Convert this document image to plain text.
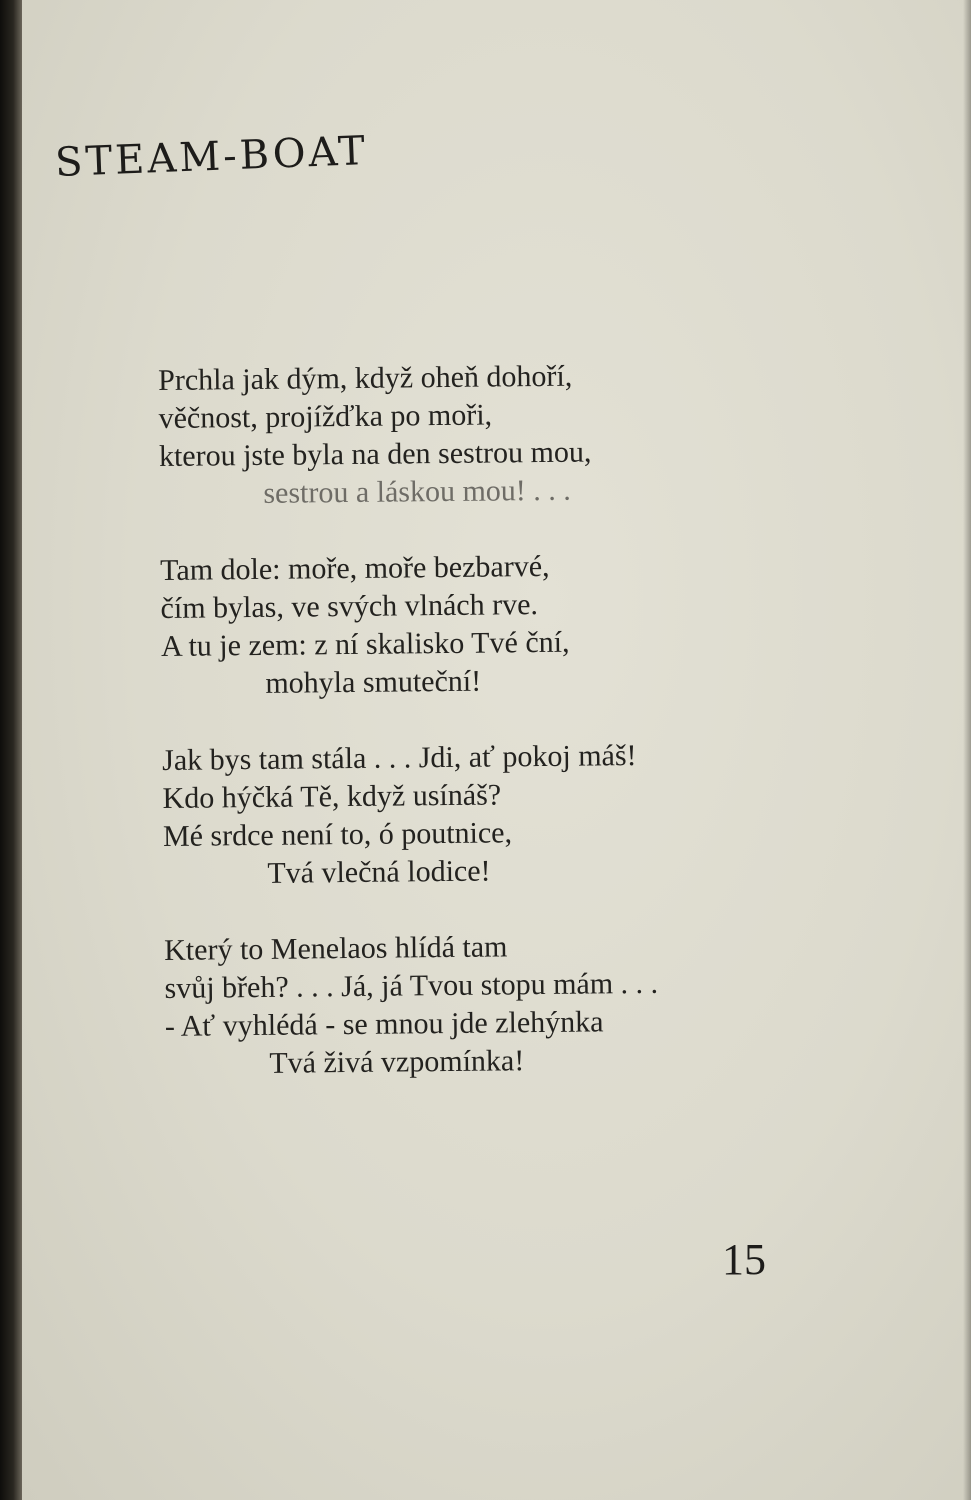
STEAM-BOAT

Prchla jak dým, když oheň dohoří,
věčnost, projížďka po moři,
kterou jste byla na den sestrou mou,
sestrou a láskou mou! . . .

Tam dole: moře, moře bezbarvé,
čím bylas, ve svých vlnách rve.
A tu je zem: z ní skalisko Tvé ční,
mohyla smuteční!

Jak bys tam stála . . . Jdi, ať pokoj máš!
Kdo hýčká Tě, když usínáš?
Mé srdce není to, ó poutnice,
Tvá vlečná lodice!

Který to Menelaos hlídá tam
svůj břeh? . . . Já, já Tvou stopu mám . . .
- Ať vyhlédá - se mnou jde zlehýnka
Tvá živá vzpomínka!

15
